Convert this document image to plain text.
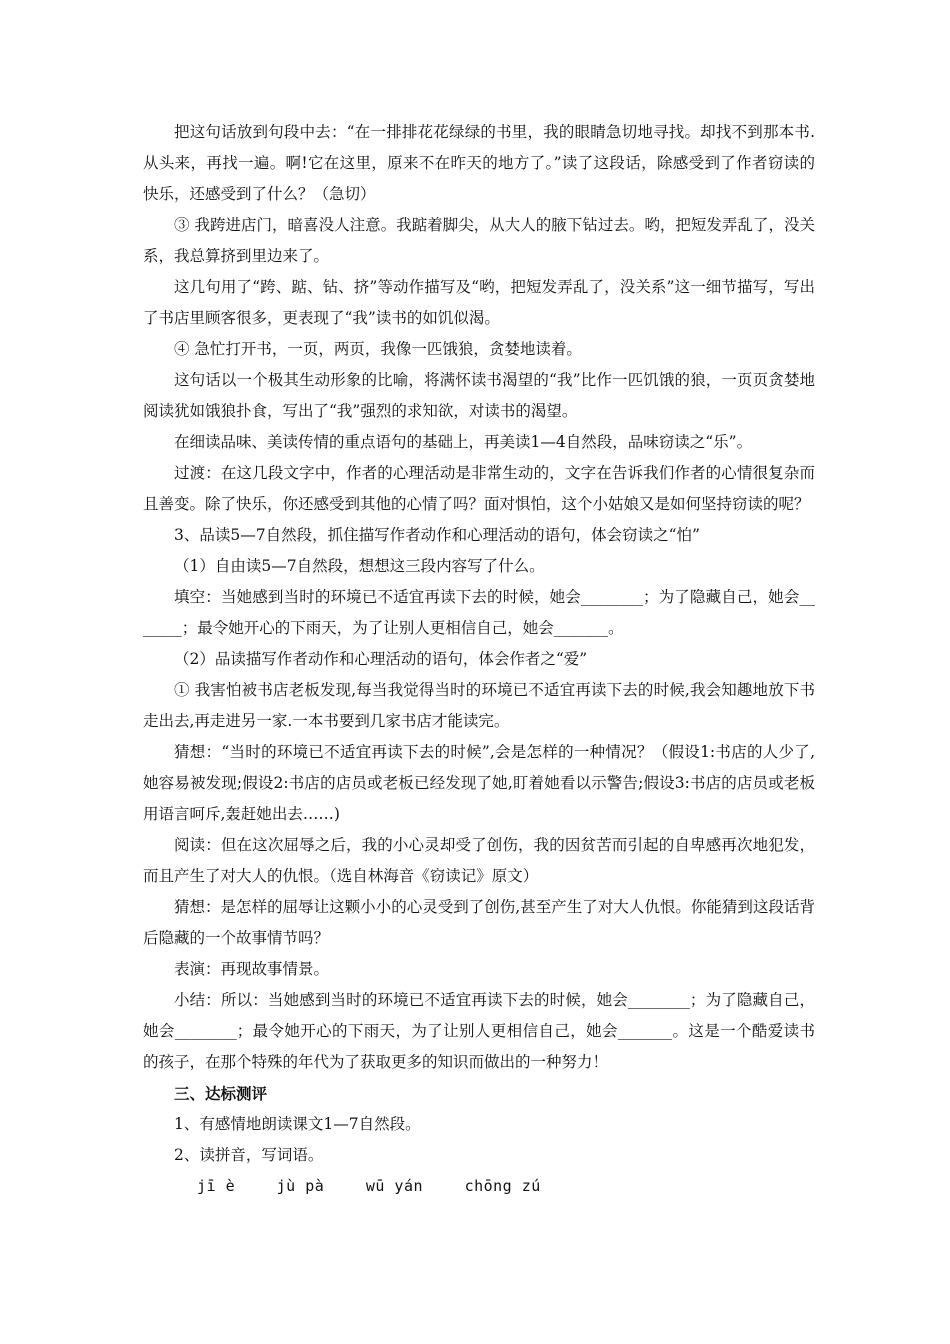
把这句话放到句段中去：“在一排排花花绿绿的书里，我的眼睛急切地寻找。却找不到那本书.从头来，再找一遍。啊!它在这里，原来不在昨天的地方了。”读了这段话，除感受到了作者窃读的快乐，还感受到了什么？（急切）

③ 我跨进店门，暗喜没人注意。我踮着脚尖，从大人的腋下钻过去。哟，把短发弄乱了，没关系，我总算挤到里边来了。

这几句用了“跨、踮、钻、挤”等动作描写及“哟，把短发弄乱了，没关系”这一细节描写，写出了书店里顾客很多，更表现了“我”读书的如饥似渴。

④ 急忙打开书，一页，两页，我像一匹饿狼，贪婪地读着。

这句话以一个极其生动形象的比喻，将满怀读书渴望的“我”比作一匹饥饿的狼，一页页贪婪地阅读犹如饿狼扑食，写出了“我”强烈的求知欲，对读书的渴望。

在细读品味、美读传情的重点语句的基础上，再美读1—4自然段，品味窃读之“乐”。

过渡：在这几段文字中，作者的心理活动是非常生动的，文字在告诉我们作者的心情很复杂而且善变。除了快乐，你还感受到其他的心情了吗？面对惧怕，这个小姑娘又是如何坚持窃读的呢？

3、品读5—7自然段，抓住描写作者动作和心理活动的语句，体会窃读之“怕”

（1）自由读5—7自然段，想想这三段内容写了什么。

填空：当她感到当时的环境已不适宜再读下去的时候，她会________；为了隐藏自己，她会_______；最令她开心的下雨天，为了让别人更相信自己，她会_______。

（2）品读描写作者动作和心理活动的语句，体会作者之“爱”

① 我害怕被书店老板发现,每当我觉得当时的环境已不适宜再读下去的时候,我会知趣地放下书走出去,再走进另一家.一本书要到几家书店才能读完。

猜想：“当时的环境已不适宜再读下去的时候”,会是怎样的一种情况？（假设1:书店的人少了,她容易被发现;假设2:书店的店员或老板已经发现了她,盯着她看以示警告;假设3:书店的店员或老板用语言呵斥,轰赶她出去……)

阅读：但在这次屈辱之后，我的小心灵却受了创伤，我的因贫苦而引起的自卑感再次地犯发，而且产生了对大人的仇恨。（选自林海音《窃读记》原文）

猜想：是怎样的屈辱让这颗小小的心灵受到了创伤,甚至产生了对大人仇恨。你能猜到这段话背后隐藏的一个故事情节吗？

表演：再现故事情景。

小结：所以：当她感到当时的环境已不适宜再读下去的时候，她会________；为了隐藏自己，她会________；最令她开心的下雨天，为了让别人更相信自己，她会_______。这是一个酷爱读书的孩子，在那个特殊的年代为了获取更多的知识而做出的一种努力！

三、达标测评

1、有感情地朗读课文1—7自然段。

2、读拼音，写词语。

jī è	jù pà	wū yán	chōng zú
